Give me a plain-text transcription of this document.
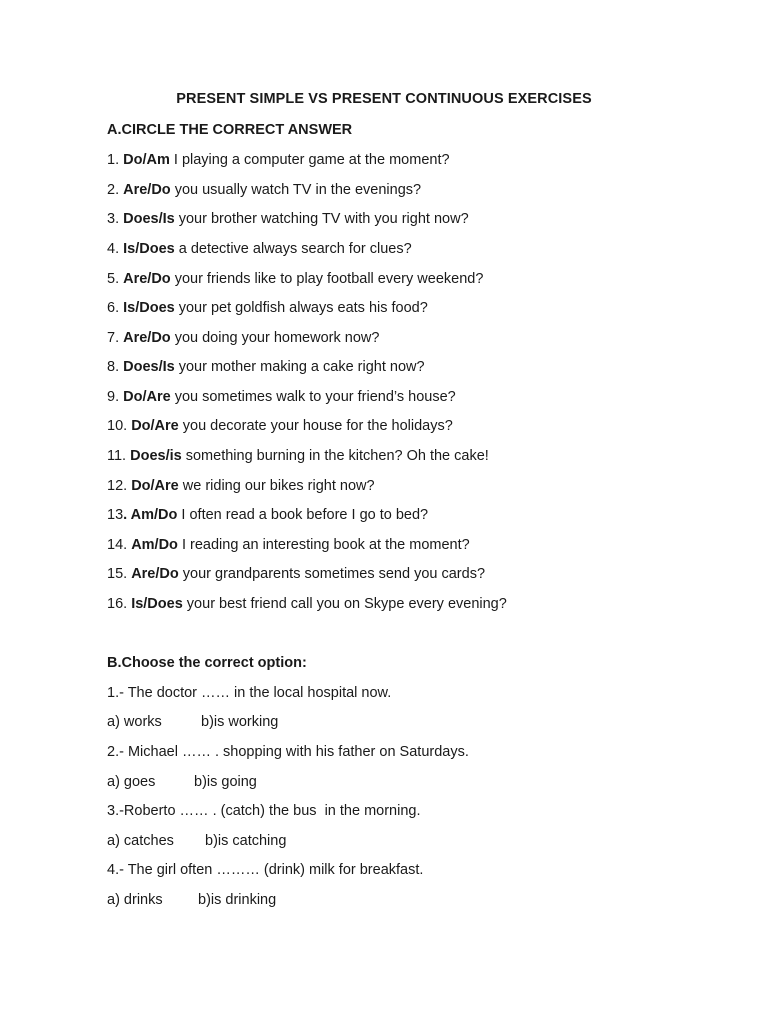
PRESENT SIMPLE VS PRESENT CONTINUOUS EXERCISES
A.CIRCLE THE CORRECT ANSWER

1. Do/Am I playing a computer game at the moment?

2. Are/Do you usually watch TV in the evenings?

3. Does/Is your brother watching TV with you right now?

4. Is/Does a detective always search for clues?

5. Are/Do your friends like to play football every weekend?

6. Is/Does your pet goldfish always eats his food?

7. Are/Do you doing your homework now?

8. Does/Is your mother making a cake right now?

9. Do/Are you sometimes walk to your friend’s house?

10. Do/Are you decorate your house for the holidays?

11. Does/is something burning in the kitchen? Oh the cake!

12. Do/Are we riding our bikes right now?

13. Am/Do I often read a book before I go to bed?

14. Am/Do I reading an interesting book at the moment?

15. Are/Do your grandparents sometimes send you cards?

16. Is/Does your best friend call you on Skype every evening?

B.Choose the correct option:

1.- The doctor …… in the local hospital now.

a) works	b)is working

2.- Michael …… . shopping with his father on Saturdays.

a) goes	b)is going

3.-Roberto …… . (catch) the bus  in the morning.

a) catches b)is catching

4.- The girl often ……… (drink) milk for breakfast.

a) drinks b)is drinking
